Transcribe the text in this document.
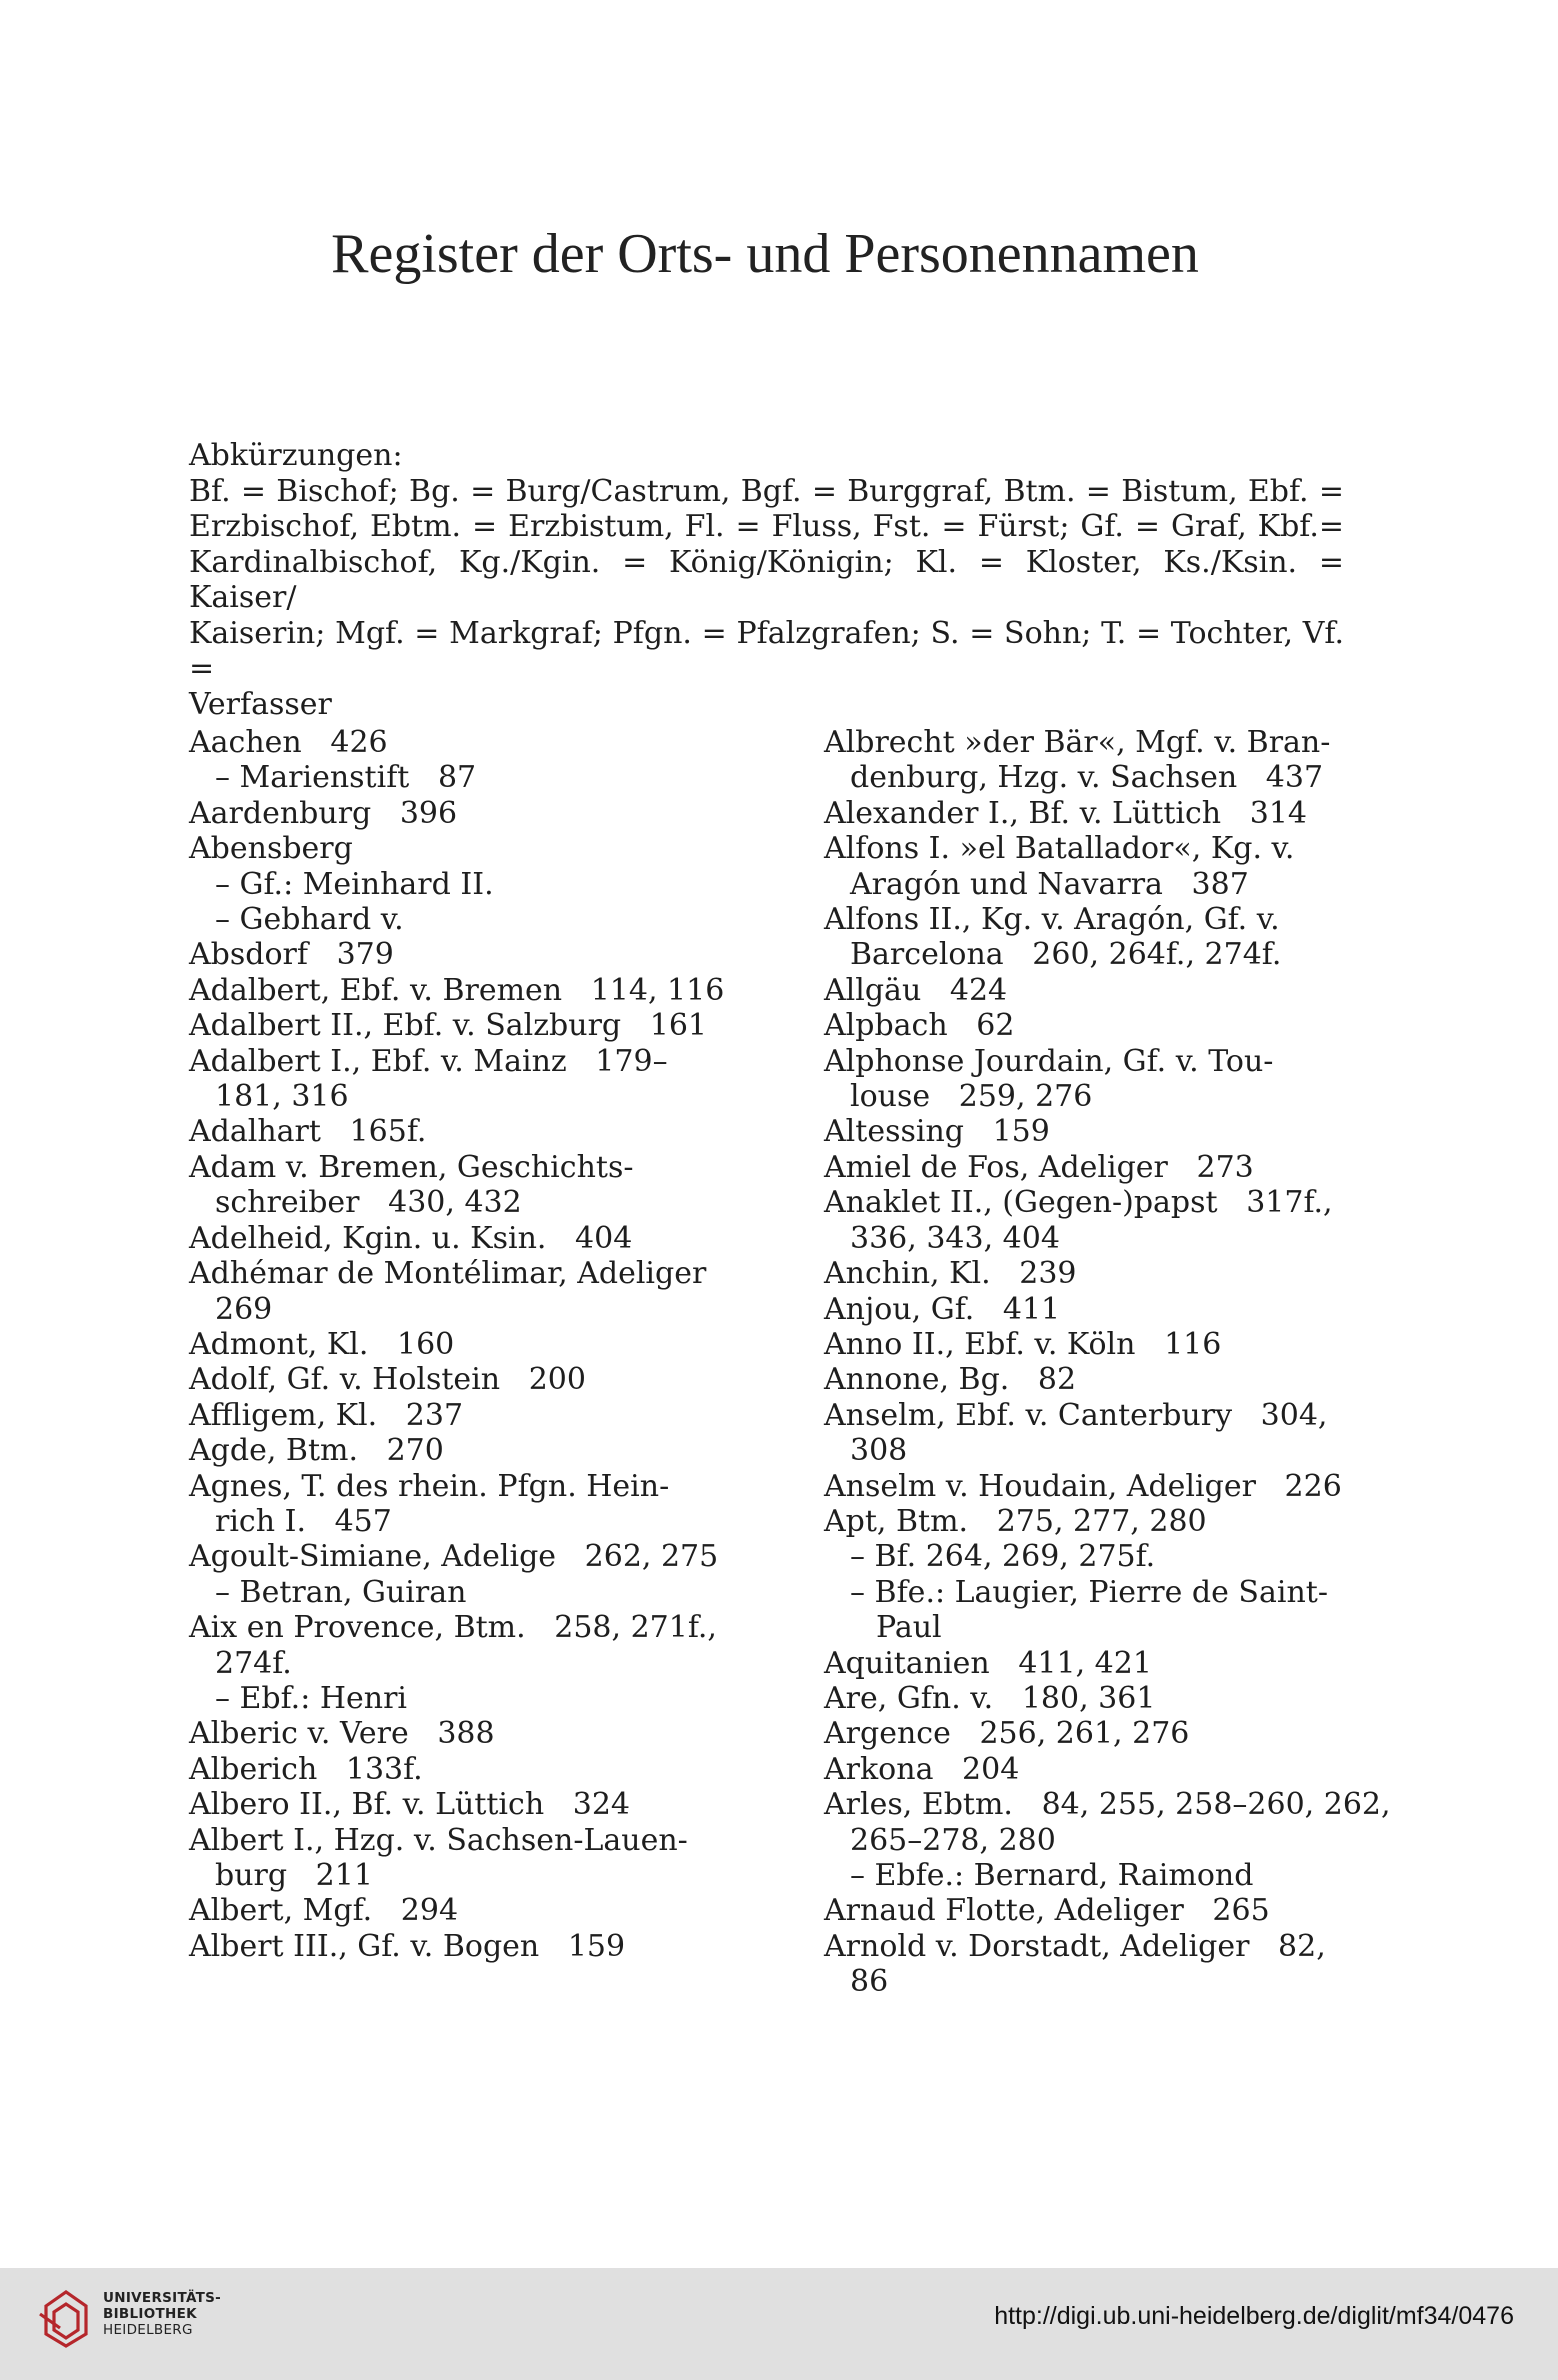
Register der Orts- und Personennamen
Abkürzungen:
Bf. = Bischof; Bg. = Burg/Castrum, Bgf. = Burggraf, Btm. = Bistum, Ebf. =
Erzbischof, Ebtm. = Erzbistum, Fl. = Fluss, Fst. = Fürst; Gf. = Graf, Kbf.=
Kardinalbischof, Kg./Kgin. = König/Königin; Kl. = Kloster, Ks./Ksin. = Kaiser/
Kaiserin; Mgf. = Markgraf; Pfgn. = Pfalzgrafen; S. = Sohn; T. = Tochter, Vf. =
Verfasser
Aachen   426
– Marienstift   87
Aardenburg   396
Abensberg
– Gf.: Meinhard II.
– Gebhard v.
Absdorf   379
Adalbert, Ebf. v. Bremen   114, 116
Adalbert II., Ebf. v. Salzburg   161
Adalbert I., Ebf. v. Mainz   179–
181, 316
Adalhart   165f.
Adam v. Bremen, Geschichts-
schreiber   430, 432
Adelheid, Kgin. u. Ksin.   404
Adhémar de Montélimar, Adeliger
269
Admont, Kl.   160
Adolf, Gf. v. Holstein   200
Affligem, Kl.   237
Agde, Btm.   270
Agnes, T. des rhein. Pfgn. Hein-
rich I.   457
Agoult-Simiane, Adelige   262, 275
– Betran, Guiran
Aix en Provence, Btm.   258, 271f.,
274f.
– Ebf.: Henri
Alberic v. Vere   388
Alberich   133f.
Albero II., Bf. v. Lüttich   324
Albert I., Hzg. v. Sachsen-Lauen-
burg   211
Albert, Mgf.   294
Albert III., Gf. v. Bogen   159
Albrecht »der Bär«, Mgf. v. Bran-
denburg, Hzg. v. Sachsen   437
Alexander I., Bf. v. Lüttich   314
Alfons I. »el Batallador«, Kg. v.
Aragón und Navarra   387
Alfons II., Kg. v. Aragón, Gf. v.
Barcelona   260, 264f., 274f.
Allgäu   424
Alpbach   62
Alphonse Jourdain, Gf. v. Tou-
louse   259, 276
Altessing   159
Amiel de Fos, Adeliger   273
Anaklet II., (Gegen-)papst   317f.,
336, 343, 404
Anchin, Kl.   239
Anjou, Gf.   411
Anno II., Ebf. v. Köln   116
Annone, Bg.   82
Anselm, Ebf. v. Canterbury   304,
308
Anselm v. Houdain, Adeliger   226
Apt, Btm.   275, 277, 280
– Bf. 264, 269, 275f.
– Bfe.: Laugier, Pierre de Saint-
Paul
Aquitanien   411, 421
Are, Gfn. v.   180, 361
Argence   256, 261, 276
Arkona   204
Arles, Ebtm.   84, 255, 258–260, 262,
265–278, 280
– Ebfe.: Bernard, Raimond
Arnaud Flotte, Adeliger   265
Arnold v. Dorstadt, Adeliger   82,
86
UNIVERSITÄTS-
BIBLIOTHEK
HEIDELBERG	http://digi.ub.uni-heidelberg.de/diglit/mf34/0476
